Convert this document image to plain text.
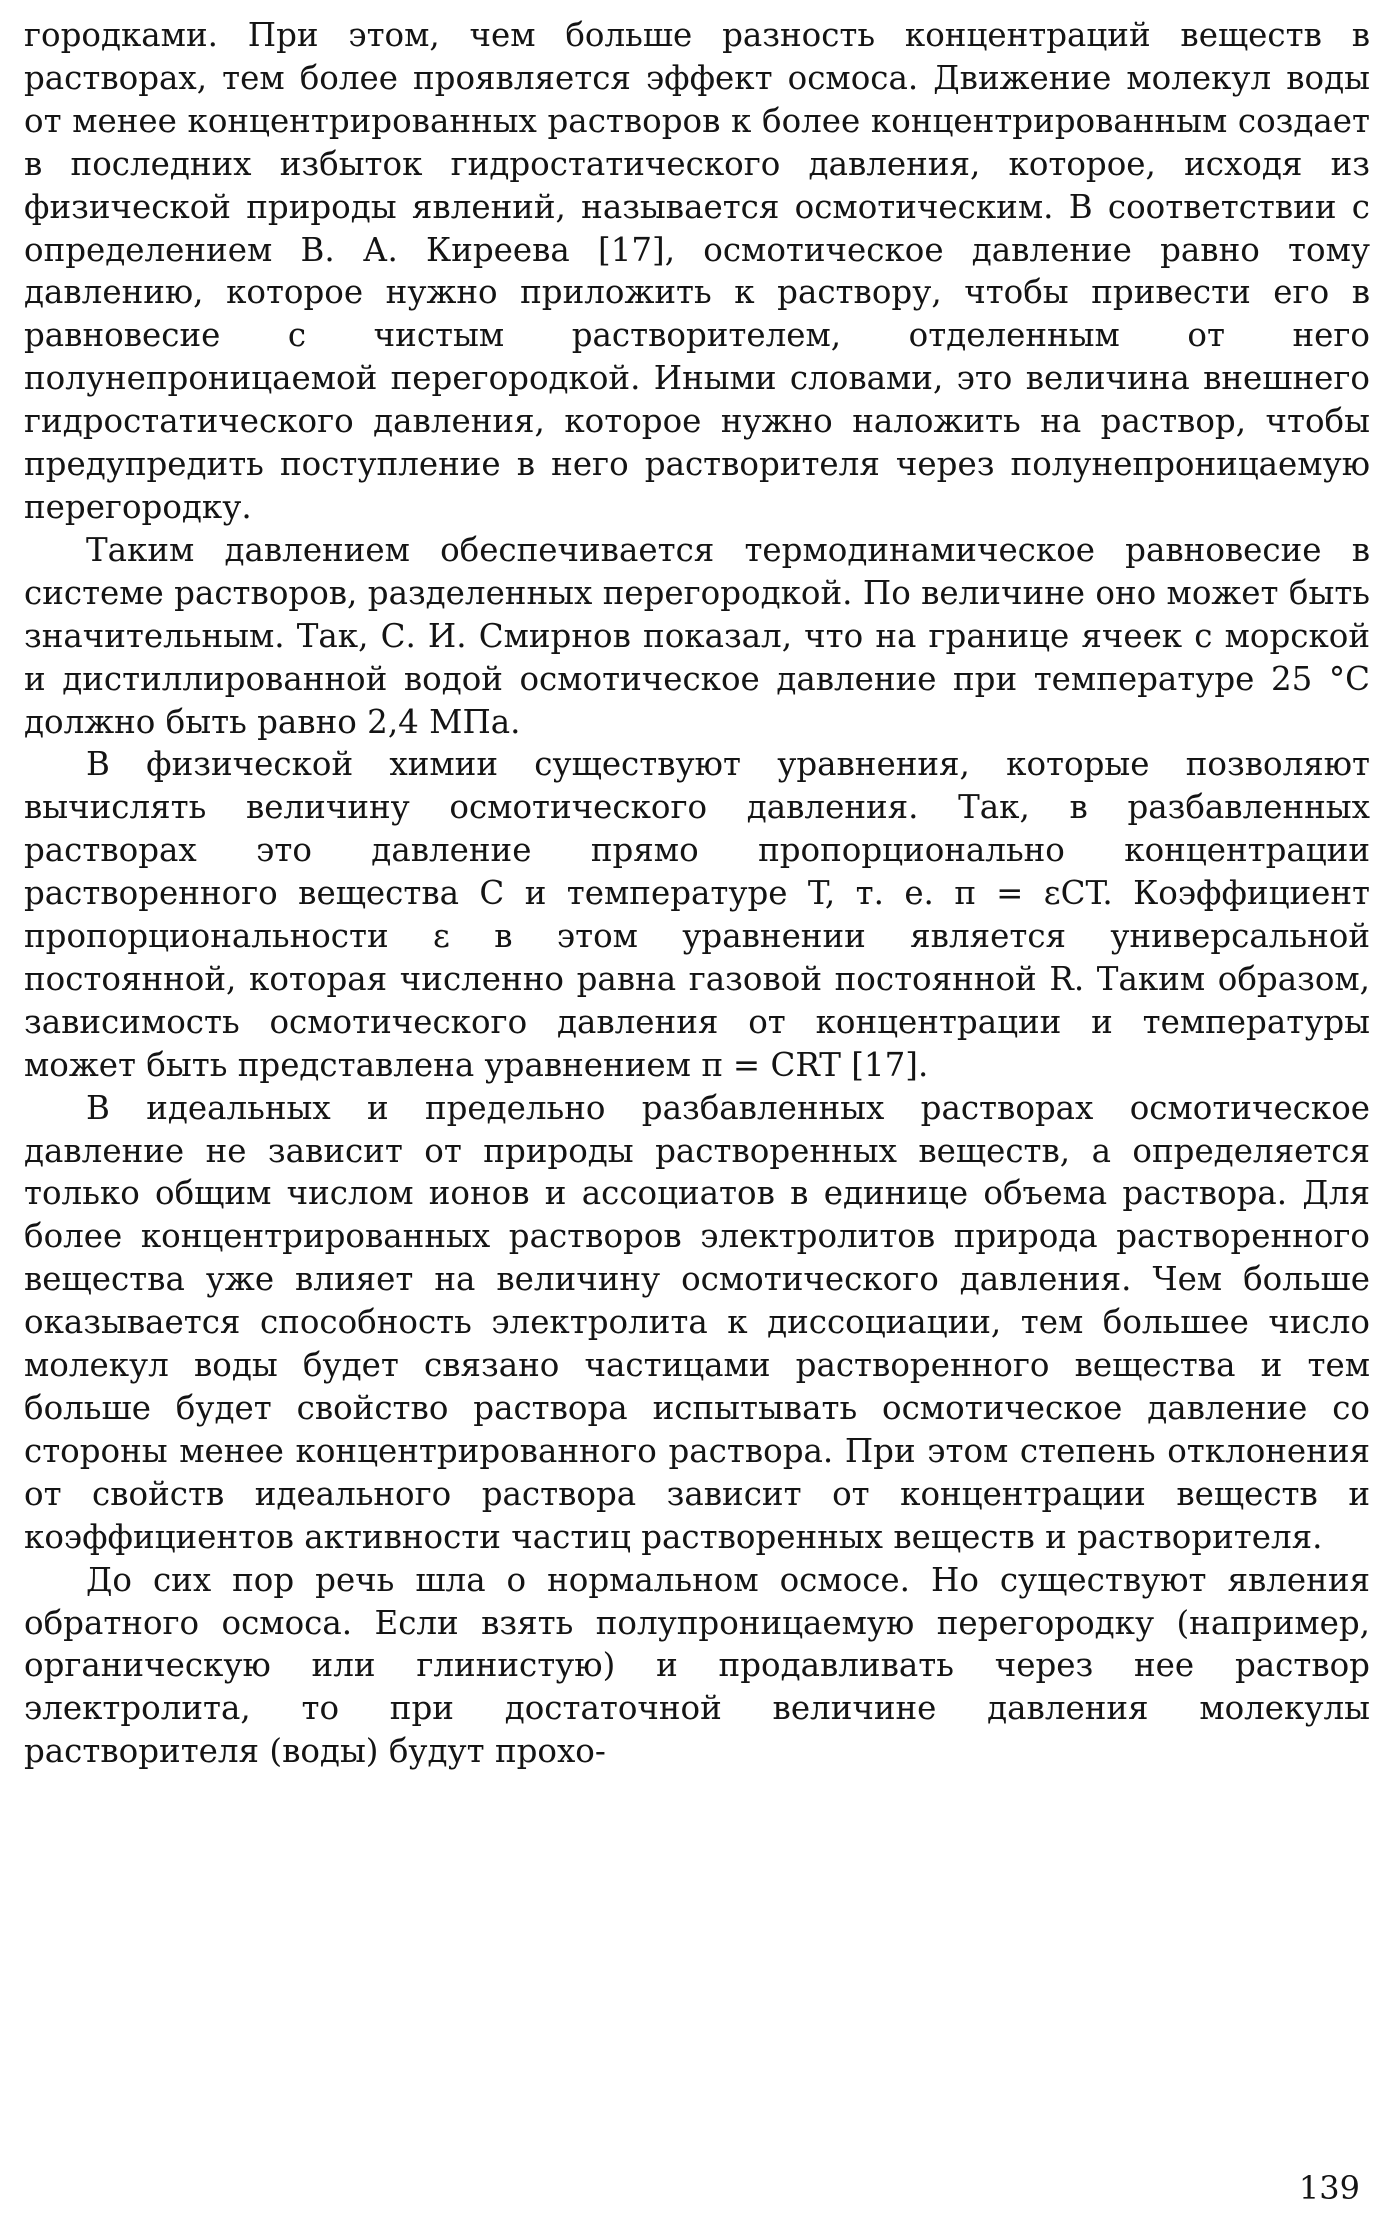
городками. При этом, чем больше разность концентраций веществ в растворах, тем более проявляется эффект осмоса. Движение молекул воды от менее концентрированных растворов к более концентрированным создает в последних избыток гидростатического давления, которое, исходя из физической природы явлений, называется осмотическим. В соответствии с определением В. А. Киреева [17], осмотическое давление равно тому давлению, которое нужно приложить к раствору, чтобы привести его в равновесие с чистым растворителем, отделенным от него полунепроницаемой перегородкой. Иными словами, это величина внешнего гидростатического давления, которое нужно наложить на раствор, чтобы предупредить поступление в него растворителя через полунепроницаемую перегородку.

Таким давлением обеспечивается термодинамическое равновесие в системе растворов, разделенных перегородкой. По величине оно может быть значительным. Так, С. И. Смирнов показал, что на границе ячеек с морской и дистиллированной водой осмотическое давление при температуре 25 °C должно быть равно 2,4 МПа.

В физической химии существуют уравнения, которые позволяют вычислять величину осмотического давления. Так, в разбавленных растворах это давление прямо пропорционально концентрации растворенного вещества C и температуре T, т. е. π = εCT. Коэффициент пропорциональности ε в этом уравнении является универсальной постоянной, которая численно равна газовой постоянной R. Таким образом, зависимость осмотического давления от концентрации и температуры может быть представлена уравнением π = CRT [17].

В идеальных и предельно разбавленных растворах осмотическое давление не зависит от природы растворенных веществ, а определяется только общим числом ионов и ассоциатов в единице объема раствора. Для более концентрированных растворов электролитов природа растворенного вещества уже влияет на величину осмотического давления. Чем больше оказывается способность электролита к диссоциации, тем большее число молекул воды будет связано частицами растворенного вещества и тем больше будет свойство раствора испытывать осмотическое давление со стороны менее концентрированного раствора. При этом степень отклонения от свойств идеального раствора зависит от концентрации веществ и коэффициентов активности частиц растворенных веществ и растворителя.

До сих пор речь шла о нормальном осмосе. Но существуют явления обратного осмоса. Если взять полупроницаемую перегородку (например, органическую или глинистую) и продавливать через нее раствор электролита, то при достаточной величине давления молекулы растворителя (воды) будут прохо-

139
